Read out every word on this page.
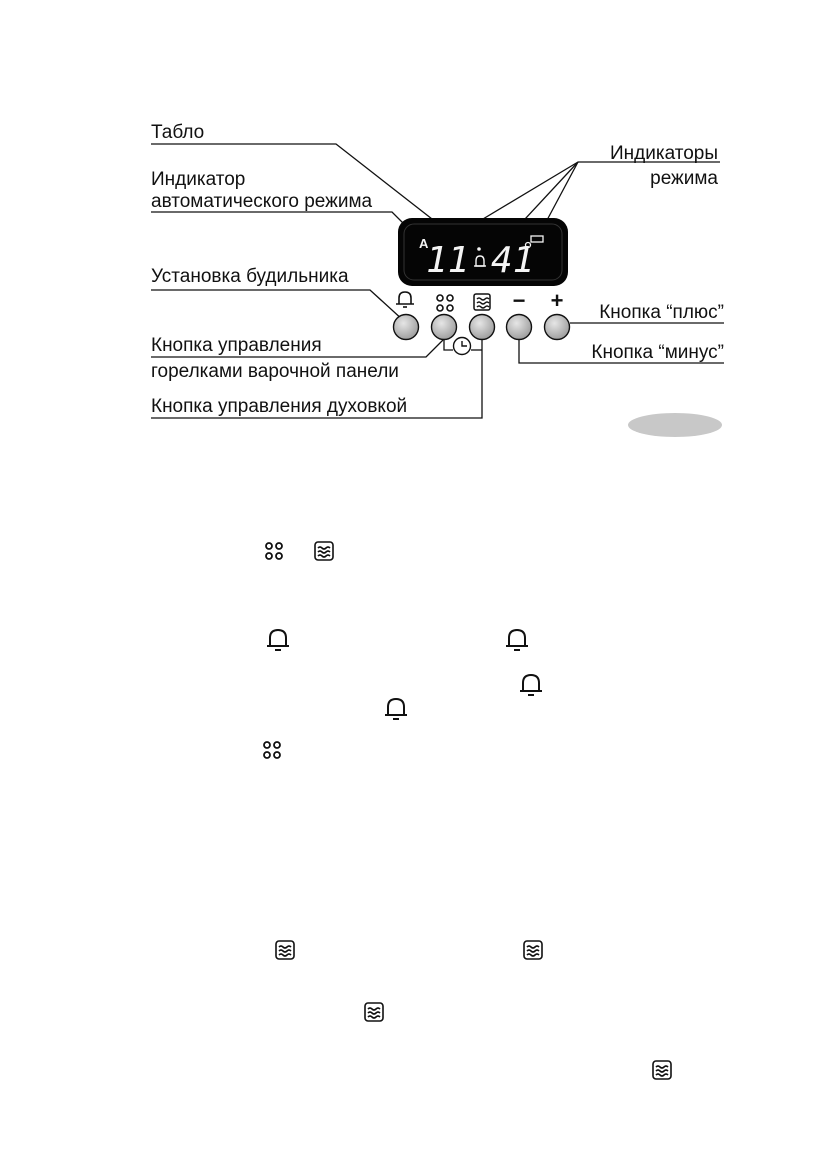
Табло
Индикатор
автоматического режима
Индикаторы
режима
Установка будильника
Кнопка “плюс”
Кнопка “минус”
Кнопка управления
горелками варочной панели
Кнопка управления духовкой
A
11 41
− +
